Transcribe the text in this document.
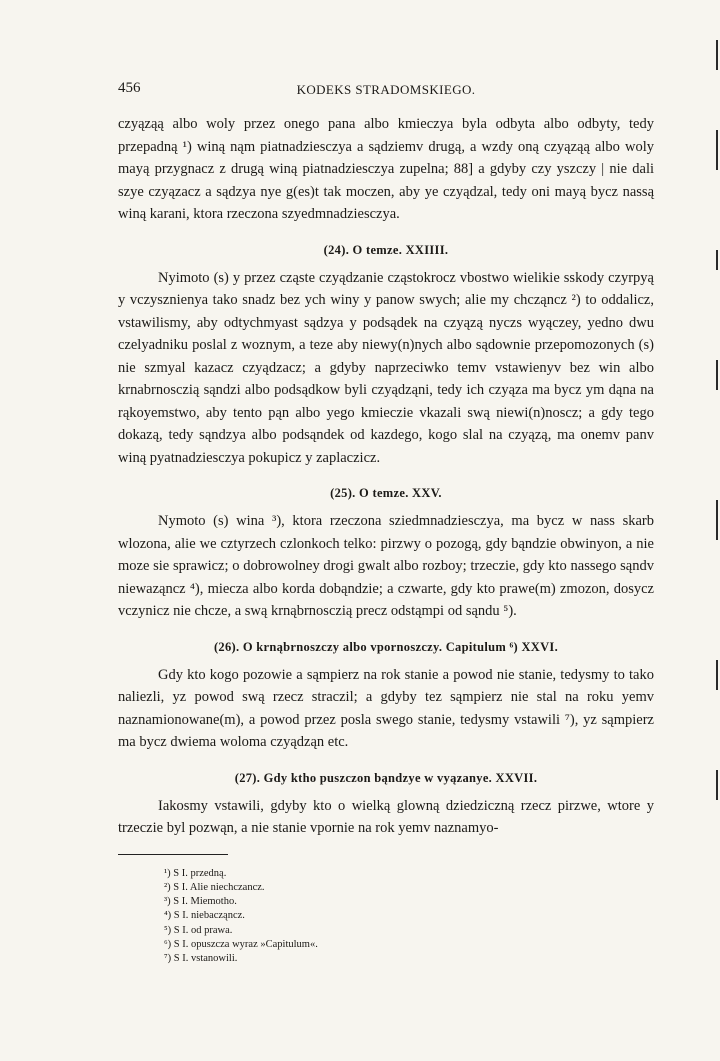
456	KODEKS STRADOMSKIEGO.

czyąząą albo woly przez onego pana albo kmieczya byla odbyta albo odbyty, tedy przepadną ¹) winą nąm piatnadziesczya a sądziemv drugą, a wzdy oną czyąząą albo woly mayą przygnacz z drugą winą piatnadziesczya zupelna; 88] a gdyby czy yszczy | nie dali szye czyązacz a sądzya nye g(es)t tak moczen, aby ye czyądzal, tedy oni mayą bycz nassą winą karani, ktora rzeczona szyedmnadziesczya.

(24). O temze. XXIIII.

Nyimoto (s) y przez cząste czyądzanie cząstokrocz vbostwo wielikie sskody czyrpyą y vczysznienya tako snadz bez ych winy y panow swych; alie my chcząncz ²) to oddalicz, vstawilismy, aby odtychmyast sądzya y podsądek na czyązą nyczs wyączey, yedno dwu czelyadniku poslal z woznym, a teze aby niewy(n)nych albo sądownie przepomozonych (s) nie szmyal kazacz czyądzacz; a gdyby naprzeciwko temv vstawienyv bez win albo krnabrnosczią sąndzi albo podsądkow byli czyądząni, tedy ich czyąza ma bycz ym dąna na rąkoyemstwo, aby tento pąn albo yego kmieczie vkazali swą niewi(n)noscz; a gdy tego dokazą, tedy sąndzya albo podsąndek od kazdego, kogo slal na czyązą, ma onemv panv winą pyatnadziesczya pokupicz y zaplaczicz.

(25). O temze. XXV.

Nymoto (s) wina ³), ktora rzeczona sziedmnadziesczya, ma bycz w nass skarb wlozona, alie we cztyrzech czlonkoch telko: pirzwy o pozogą, gdy bąndzie obwinyon, a nie moze sie sprawicz; o dobrowolney drogi gwalt albo rozboy; trzeczie, gdy kto nassego sąndv niewaząncz ⁴), miecza albo korda dobąndzie; a czwarte, gdy kto prawe(m) zmozon, dosycz vczynicz nie chcze, a swą krnąbrnosczią precz odstąmpi od sąndu ⁵).

(26). O krnąbrnoszczy albo vpornoszczy. Capitulum ⁶) XXVI.

Gdy kto kogo pozowie a sąmpierz na rok stanie a powod nie stanie, tedysmy to tako naliezli, yz powod swą rzecz straczil; a gdyby tez sąmpierz nie stal na roku yemv naznamionowane(m), a powod przez posla swego stanie, tedysmy vstawili ⁷), yz sąmpierz ma bycz dwiema woloma czyądząn etc.

(27). Gdy ktho puszczon bąndzye w vyązanye. XXVII.

Iakosmy vstawili, gdyby kto o wielką glowną dziedziczną rzecz pirzwe, wtore y trzeczie byl pozwąn, a nie stanie vpornie na rok yemv naznamyo-

¹) S I. przedną.
²) S I. Alie niechczancz.
³) S I. Miemotho.
⁴) S I. niebacząncz.
⁵) S I. od prawa.
⁶) S I. opuszcza wyraz »Capitulum«.
⁷) S I. vstanowili.
